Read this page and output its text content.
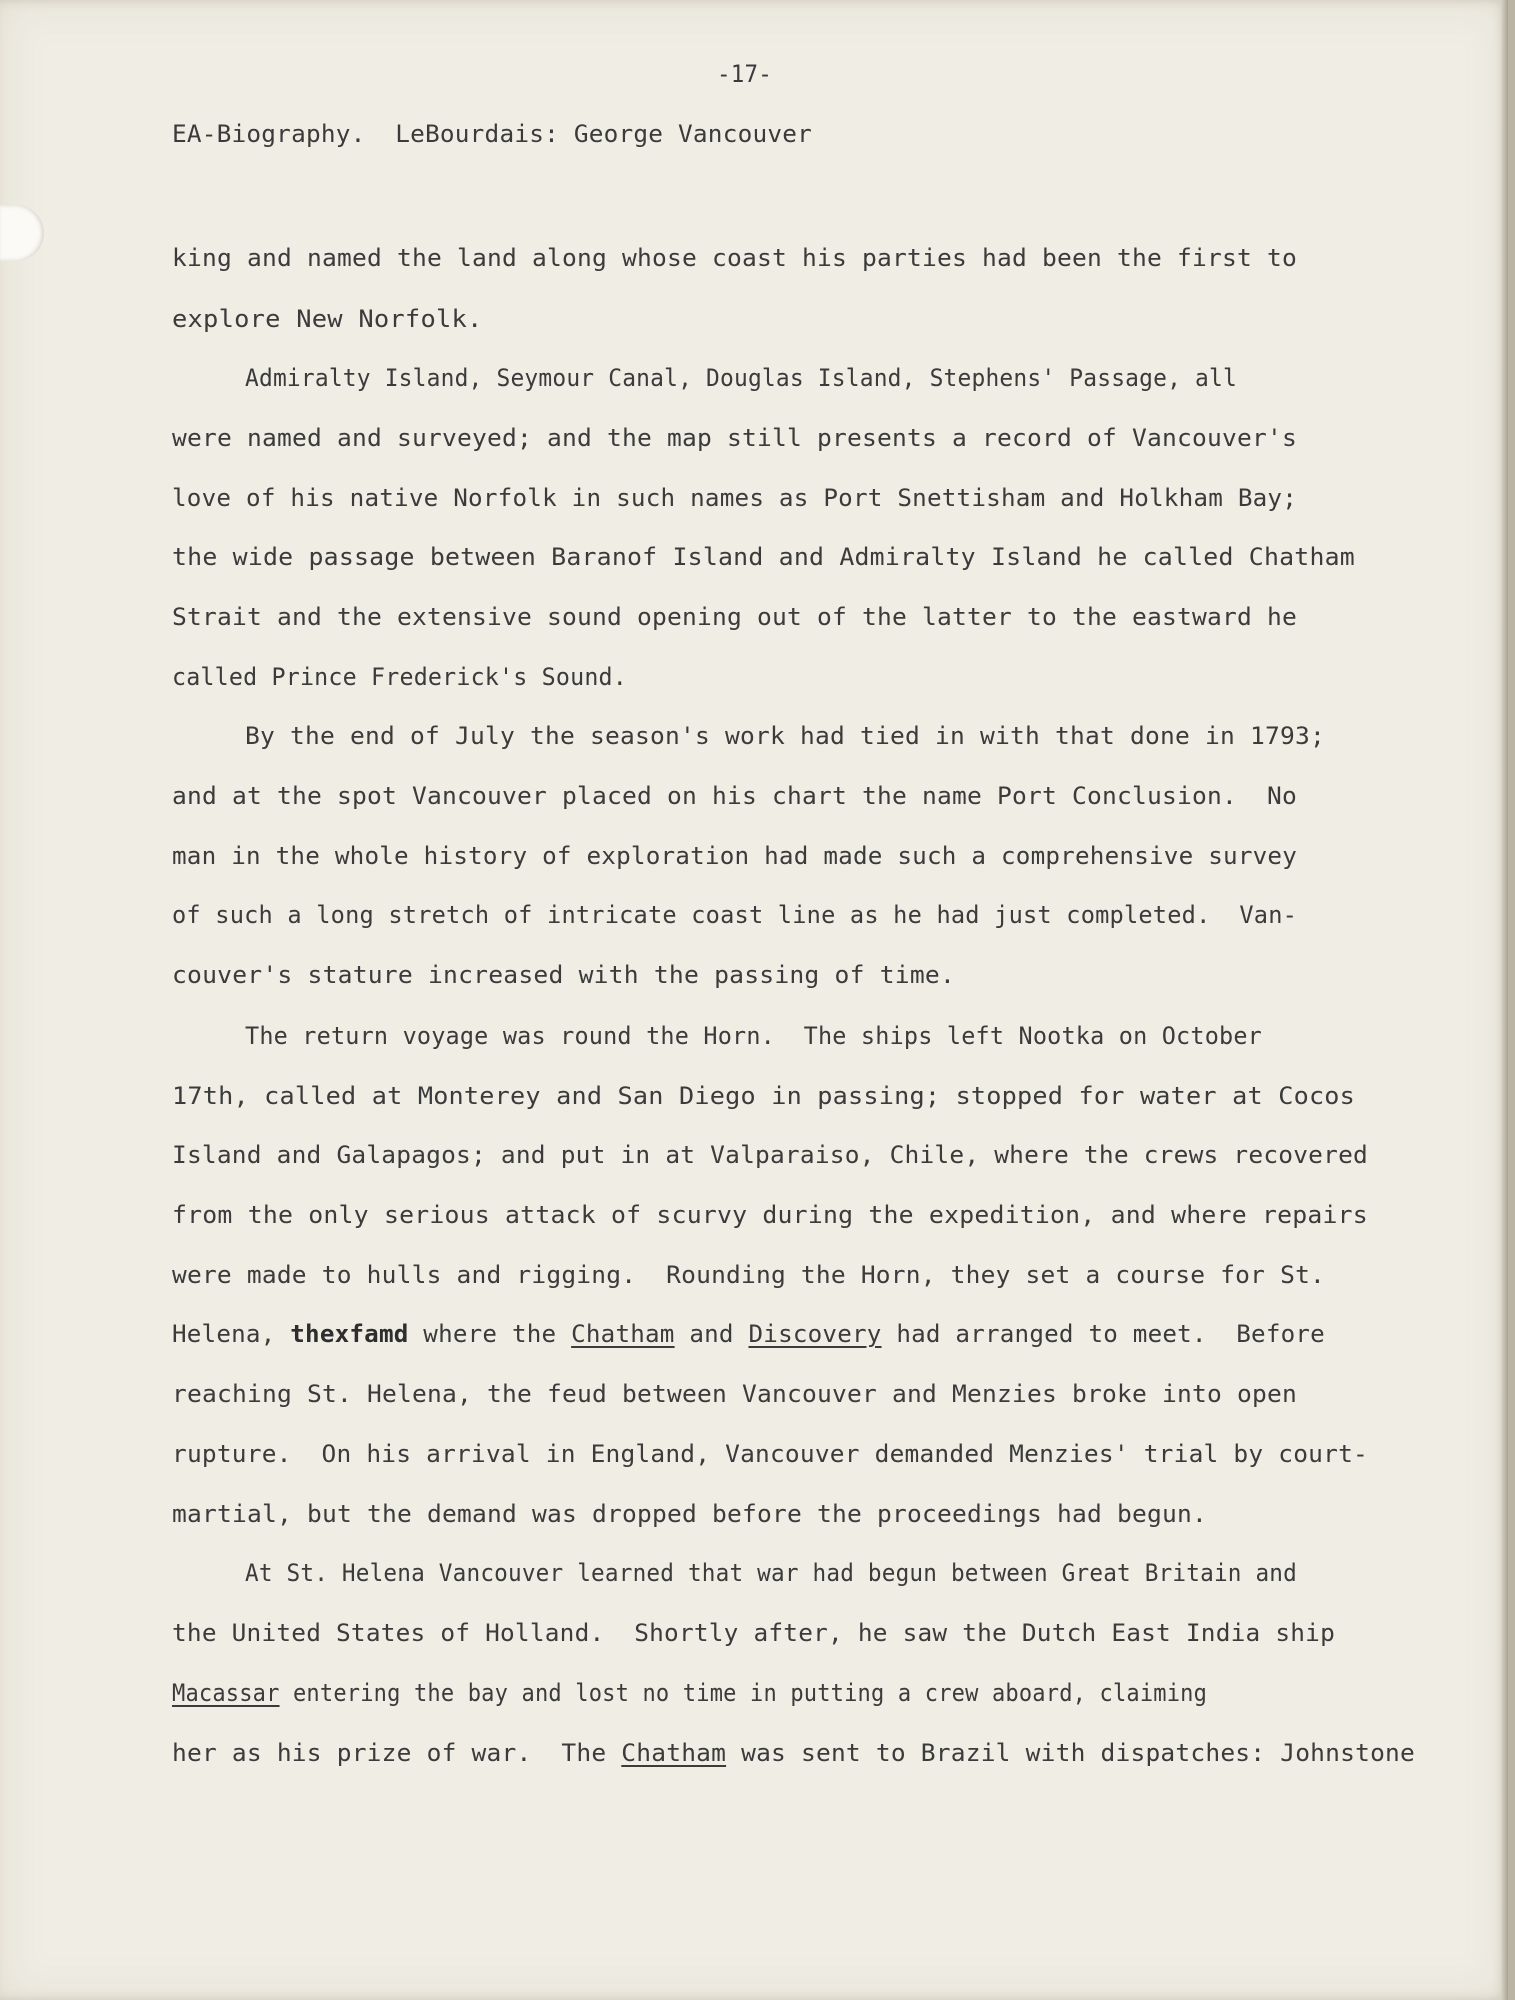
-17-
EA-Biography.  LeBourdais: George Vancouver
king and named the land along whose coast his parties had been the first to
explore New Norfolk.
Admiralty Island, Seymour Canal, Douglas Island, Stephens' Passage, all
were named and surveyed; and the map still presents a record of Vancouver's
love of his native Norfolk in such names as Port Snettisham and Holkham Bay;
the wide passage between Baranof Island and Admiralty Island he called Chatham
Strait and the extensive sound opening out of the latter to the eastward he
called Prince Frederick's Sound.
By the end of July the season's work had tied in with that done in 1793;
and at the spot Vancouver placed on his chart the name Port Conclusion.  No
man in the whole history of exploration had made such a comprehensive survey
of such a long stretch of intricate coast line as he had just completed.  Van-
couver's stature increased with the passing of time.
The return voyage was round the Horn.  The ships left Nootka on October
17th, called at Monterey and San Diego in passing; stopped for water at Cocos
Island and Galapagos; and put in at Valparaiso, Chile, where the crews recovered
from the only serious attack of scurvy during the expedition, and where repairs
were made to hulls and rigging.  Rounding the Horn, they set a course for St.
Helena, thexfamd where the Chatham and Discovery had arranged to meet.  Before
reaching St. Helena, the feud between Vancouver and Menzies broke into open
rupture.  On his arrival in England, Vancouver demanded Menzies' trial by court-
martial, but the demand was dropped before the proceedings had begun.
At St. Helena Vancouver learned that war had begun between Great Britain and
the United States of Holland.  Shortly after, he saw the Dutch East India ship
Macassar entering the bay and lost no time in putting a crew aboard, claiming
her as his prize of war.  The Chatham was sent to Brazil with dispatches: Johnstone
